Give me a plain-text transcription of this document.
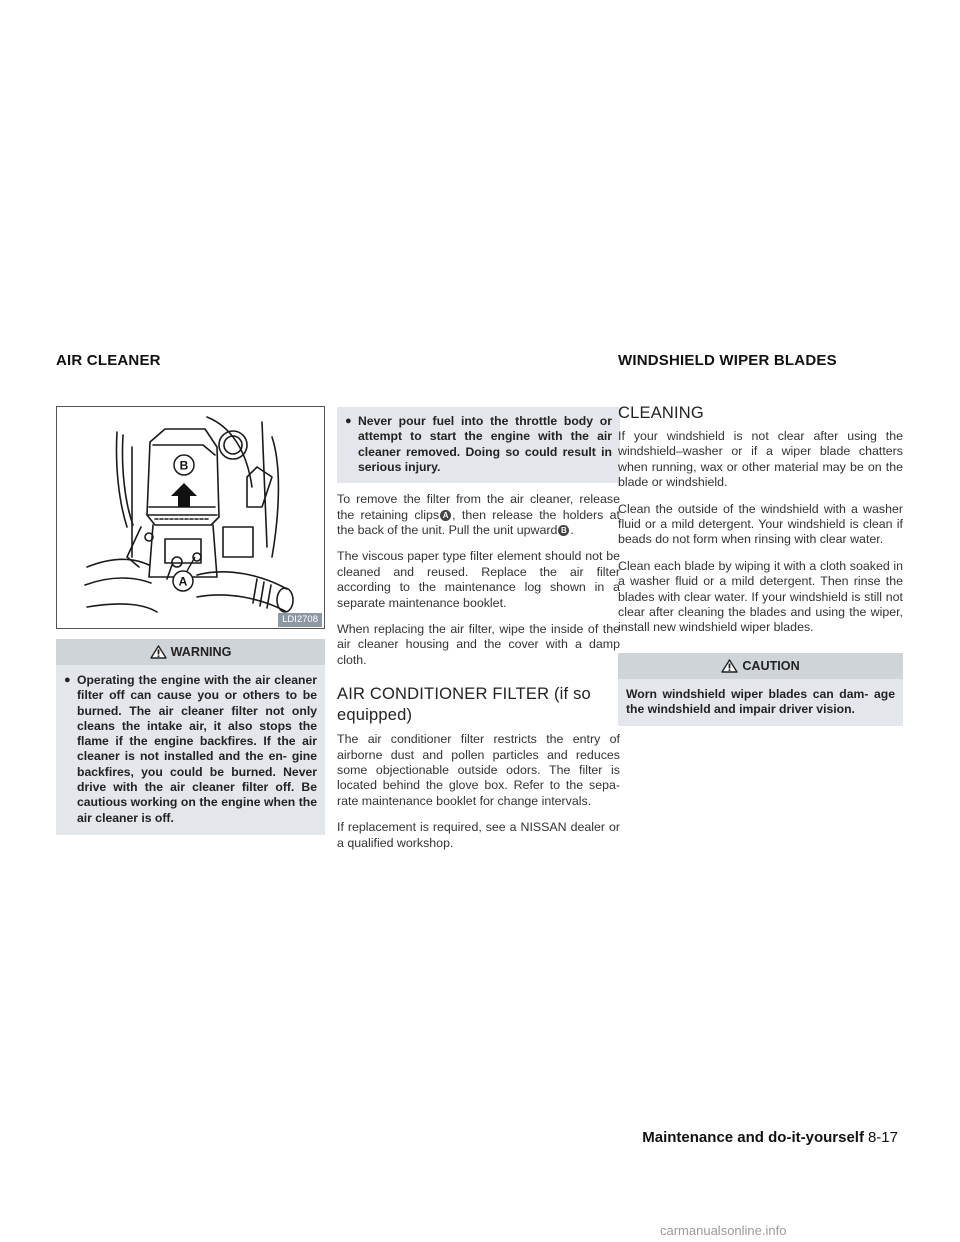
AIR CLEANER	WINDSHIELD WIPER BLADES
B
A
LDI2708
WARNING
● Operating the engine with the air cleaner filter off can cause you or others to be burned. The air cleaner filter not only cleans the intake air, it also stops the flame if the engine backfires. If the air cleaner is not installed and the en- gine backfires, you could be burned. Never drive with the air cleaner filter off. Be cautious working on the engine when the air cleaner is off.
● Never pour fuel into the throttle body or attempt to start the engine with the air cleaner removed. Doing so could result in serious injury.

To remove the filter from the air cleaner, release the retaining clips A , then release the holders at the back of the unit. Pull the unit upward B .

The viscous paper type filter element should not be cleaned and reused. Replace the air filter according to the maintenance log shown in a separate maintenance booklet.

When replacing the air filter, wipe the inside of the air cleaner housing and the cover with a damp cloth.

AIR CONDITIONER FILTER (if so equipped)

The air conditioner filter restricts the entry of airborne dust and pollen particles and reduces some objectionable outside odors. The filter is located behind the glove box. Refer to the sepa- rate maintenance booklet for change intervals.

If replacement is required, see a NISSAN dealer or a qualified workshop.

CLEANING

If your windshield is not clear after using the windshield–washer or if a wiper blade chatters when running, wax or other material may be on the blade or windshield.

Clean the outside of the windshield with a washer fluid or a mild detergent. Your windshield is clean if beads do not form when rinsing with clear water.

Clean each blade by wiping it with a cloth soaked in a washer fluid or a mild detergent. Then rinse the blades with clear water. If your windshield is still not clear after cleaning the blades and using the wiper, install new windshield wiper blades.

CAUTION
Worn windshield wiper blades can dam- age the windshield and impair driver vision.
Maintenance and do-it-yourself 8-17
carmanualsonline.info
